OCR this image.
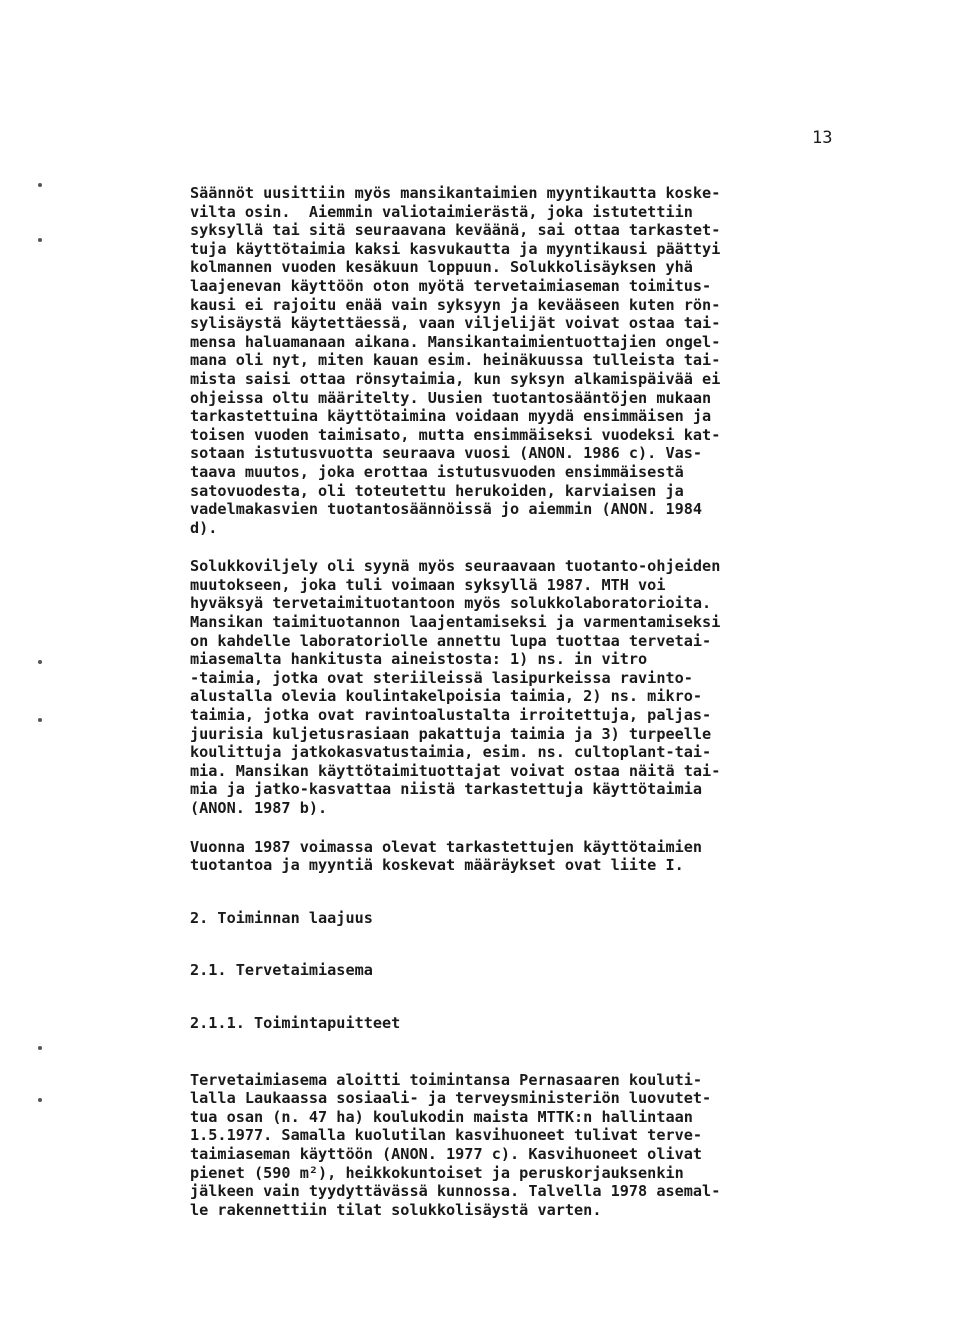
13

Säännöt uusittiin myös mansikantaimien myyntikautta koske-
vilta osin.  Aiemmin valiotaimierästä, joka istutettiin
syksyllä tai sitä seuraavana keväänä, sai ottaa tarkastet-
tuja käyttötaimia kaksi kasvukautta ja myyntikausi päättyi
kolmannen vuoden kesäkuun loppuun. Solukkolisäyksen yhä
laajenevan käyttöön oton myötä tervetaimiaseman toimitus-
kausi ei rajoitu enää vain syksyyn ja kevääseen kuten rön-
sylisäystä käytettäessä, vaan viljelijät voivat ostaa tai-
mensa haluamanaan aikana. Mansikantaimientuottajien ongel-
mana oli nyt, miten kauan esim. heinäkuussa tulleista tai-
mista saisi ottaa rönsytaimia, kun syksyn alkamispäivää ei
ohjeissa oltu määritelty. Uusien tuotantosääntöjen mukaan
tarkastettuina käyttötaimina voidaan myydä ensimmäisen ja
toisen vuoden taimisato, mutta ensimmäiseksi vuodeksi kat-
sotaan istutusvuotta seuraava vuosi (ANON. 1986 c). Vas-
taava muutos, joka erottaa istutusvuoden ensimmäisestä
satovuodesta, oli toteutettu herukoiden, karviaisen ja
vadelmakasvien tuotantosäännöissä jo aiemmin (ANON. 1984
d).

Solukkoviljely oli syynä myös seuraavaan tuotanto-ohjeiden
muutokseen, joka tuli voimaan syksyllä 1987. MTH voi
hyväksyä tervetaimituotantoon myös solukkolaboratorioita.
Mansikan taimituotannon laajentamiseksi ja varmentamiseksi
on kahdelle laboratoriolle annettu lupa tuottaa tervetai-
miasemalta hankitusta aineistosta: 1) ns. in vitro
-taimia, jotka ovat steriileissä lasipurkeissa ravinto-
alustalla olevia koulintakelpoisia taimia, 2) ns. mikro-
taimia, jotka ovat ravintoalustalta irroitettuja, paljas-
juurisia kuljetusrasiaan pakattuja taimia ja 3) turpeelle
koulittuja jatkokasvatustaimia, esim. ns. cultoplant-tai-
mia. Mansikan käyttötaimituottajat voivat ostaa näitä tai-
mia ja jatko-kasvattaa niistä tarkastettuja käyttötaimia
(ANON. 1987 b).

Vuonna 1987 voimassa olevat tarkastettujen käyttötaimien
tuotantoa ja myyntiä koskevat määräykset ovat liite I.

2. Toiminnan laajuus

2.1. Tervetaimiasema

2.1.1. Toimintapuitteet

Tervetaimiasema aloitti toimintansa Pernasaaren kouluti-
lalla Laukaassa sosiaali- ja terveysministeriön luovutet-
tua osan (n. 47 ha) koulukodin maista MTTK:n hallintaan
1.5.1977. Samalla kuolutilan kasvihuoneet tulivat terve-
taimiaseman käyttöön (ANON. 1977 c). Kasvihuoneet olivat
pienet (590 m²), heikkokuntoiset ja peruskorjauksenkin
jälkeen vain tyydyttävässä kunnossa. Talvella 1978 asemal-
le rakennettiin tilat solukkolisäystä varten.
